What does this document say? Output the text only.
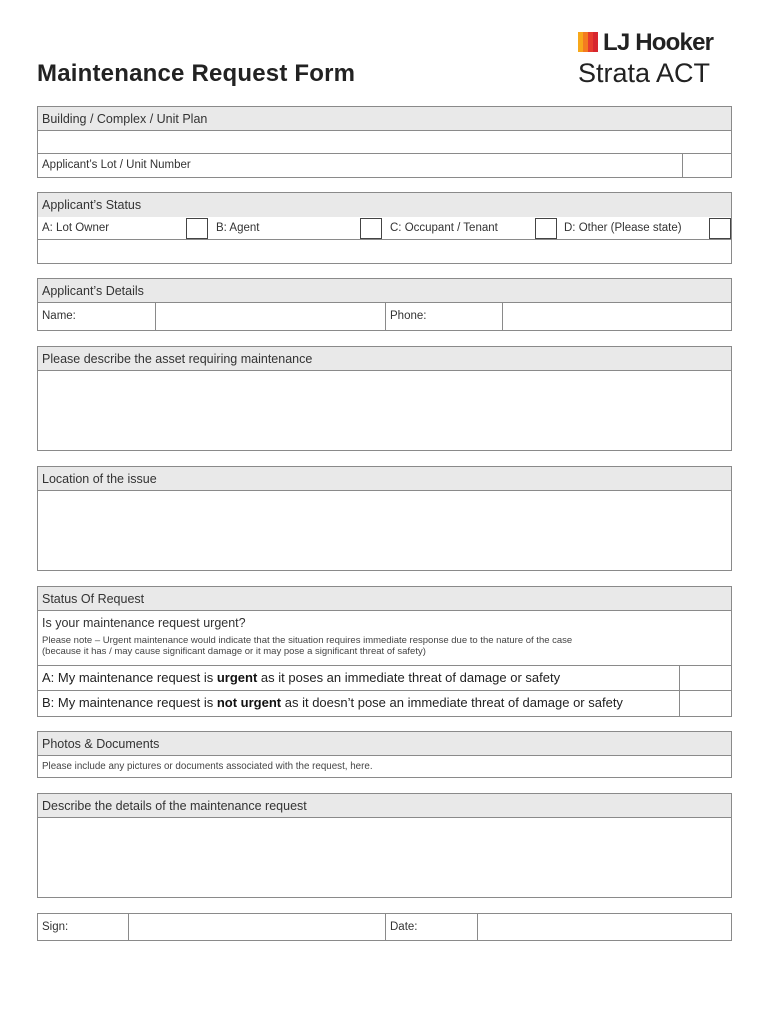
Maintenance Request Form
LJ Hooker
Strata ACT
Building / Complex / Unit Plan
Applicant’s Lot / Unit Number
Applicant’s Status
A: Lot Owner	B: Agent	C: Occupant / Tenant	D: Other (Please state)
Applicant’s Details
Name:	Phone:
Please describe the asset requiring maintenance
Location of the issue
Status Of Request
Is your maintenance request urgent?
Please note – Urgent maintenance would indicate that the situation requires immediate response due to the nature of the case
(because it has / may cause significant damage or it may pose a significant threat of safety)
A: My maintenance request is urgent as it poses an immediate threat of damage or safety
B: My maintenance request is not urgent as it doesn’t pose an immediate threat of damage or safety
Photos & Documents
Please include any pictures or documents associated with the request, here.
Describe the details of the maintenance request
Sign:	Date:
